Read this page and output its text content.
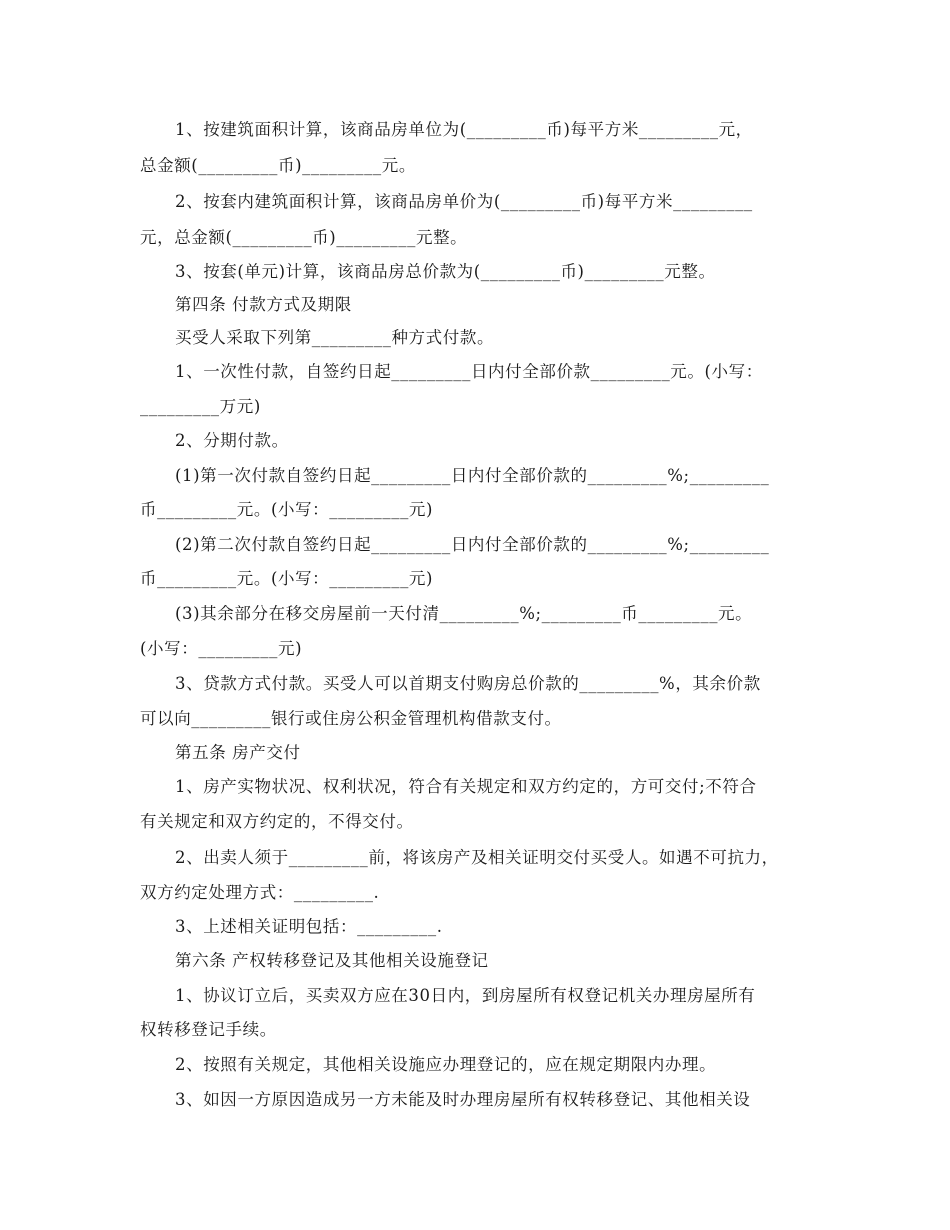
1、按建筑面积计算，该商品房单位为(_________币)每平方米_________元，
总金额(_________币)_________元。
2、按套内建筑面积计算，该商品房单价为(_________币)每平方米_________
元，总金额(_________币)_________元整。
3、按套(单元)计算，该商品房总价款为(_________币)_________元整。
第四条 付款方式及期限
买受人采取下列第_________种方式付款。
1、一次性付款，自签约日起_________日内付全部价款_________元。(小写：
_________万元)
2、分期付款。
(1)第一次付款自签约日起_________日内付全部价款的_________%;_________
币_________元。(小写：_________元)
(2)第二次付款自签约日起_________日内付全部价款的_________%;_________
币_________元。(小写：_________元)
(3)其余部分在移交房屋前一天付清_________%;_________币_________元。
(小写：_________元)
3、贷款方式付款。买受人可以首期支付购房总价款的_________%，其余价款
可以向_________银行或住房公积金管理机构借款支付。
第五条 房产交付
1、房产实物状况、权利状况，符合有关规定和双方约定的，方可交付;不符合
有关规定和双方约定的，不得交付。
2、出卖人须于_________前，将该房产及相关证明交付买受人。如遇不可抗力，
双方约定处理方式：_________.
3、上述相关证明包括：_________.
第六条 产权转移登记及其他相关设施登记
1、协议订立后，买卖双方应在30日内，到房屋所有权登记机关办理房屋所有
权转移登记手续。
2、按照有关规定，其他相关设施应办理登记的，应在规定期限内办理。
3、如因一方原因造成另一方未能及时办理房屋所有权转移登记、其他相关设
